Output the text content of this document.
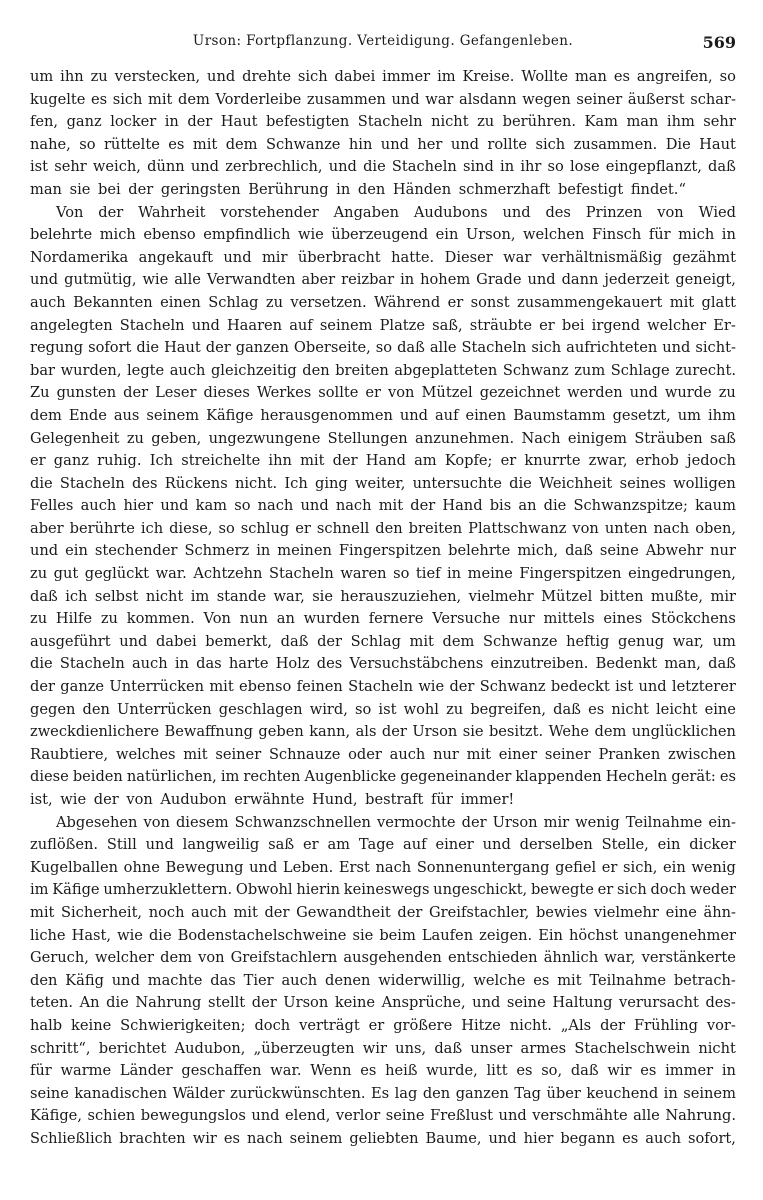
Urson: Fortpflanzung. Verteidigung. Gefangenleben.	569
um ihn zu verstecken, und drehte sich dabei immer im Kreise. Wollte man es angreifen, so
kugelte es sich mit dem Vorderleibe zusammen und war alsdann wegen seiner äußerst schar-
fen, ganz locker in der Haut befestigten Stacheln nicht zu berühren. Kam man ihm sehr
nahe, so rüttelte es mit dem Schwanze hin und her und rollte sich zusammen. Die Haut
ist sehr weich, dünn und zerbrechlich, und die Stacheln sind in ihr so lose eingepflanzt, daß
man sie bei der geringsten Berührung in den Händen schmerzhaft befestigt findet.“
Von der Wahrheit vorstehender Angaben Audubons und des Prinzen von Wied
belehrte mich ebenso empfindlich wie überzeugend ein Urson, welchen Finsch für mich in
Nordamerika angekauft und mir überbracht hatte. Dieser war verhältnismäßig gezähmt
und gutmütig, wie alle Verwandten aber reizbar in hohem Grade und dann jederzeit geneigt,
auch Bekannten einen Schlag zu versetzen. Während er sonst zusammengekauert mit glatt
angelegten Stacheln und Haaren auf seinem Platze saß, sträubte er bei irgend welcher Er-
regung sofort die Haut der ganzen Oberseite, so daß alle Stacheln sich aufrichteten und sicht-
bar wurden, legte auch gleichzeitig den breiten abgeplatteten Schwanz zum Schlage zurecht.
Zu gunsten der Leser dieses Werkes sollte er von Mützel gezeichnet werden und wurde zu
dem Ende aus seinem Käfige herausgenommen und auf einen Baumstamm gesetzt, um ihm
Gelegenheit zu geben, ungezwungene Stellungen anzunehmen. Nach einigem Sträuben saß
er ganz ruhig. Ich streichelte ihn mit der Hand am Kopfe; er knurrte zwar, erhob jedoch
die Stacheln des Rückens nicht. Ich ging weiter, untersuchte die Weichheit seines wolligen
Felles auch hier und kam so nach und nach mit der Hand bis an die Schwanzspitze; kaum
aber berührte ich diese, so schlug er schnell den breiten Plattschwanz von unten nach oben,
und ein stechender Schmerz in meinen Fingerspitzen belehrte mich, daß seine Abwehr nur
zu gut geglückt war. Achtzehn Stacheln waren so tief in meine Fingerspitzen eingedrungen,
daß ich selbst nicht im stande war, sie herauszuziehen, vielmehr Mützel bitten mußte, mir
zu Hilfe zu kommen. Von nun an wurden fernere Versuche nur mittels eines Stöckchens
ausgeführt und dabei bemerkt, daß der Schlag mit dem Schwanze heftig genug war, um
die Stacheln auch in das harte Holz des Versuchstäbchens einzutreiben. Bedenkt man, daß
der ganze Unterrücken mit ebenso feinen Stacheln wie der Schwanz bedeckt ist und letzterer
gegen den Unterrücken geschlagen wird, so ist wohl zu begreifen, daß es nicht leicht eine
zweckdienlichere Bewaffnung geben kann, als der Urson sie besitzt. Wehe dem unglücklichen
Raubtiere, welches mit seiner Schnauze oder auch nur mit einer seiner Pranken zwischen
diese beiden natürlichen, im rechten Augenblicke gegeneinander klappenden Hecheln gerät: es
ist, wie der von Audubon erwähnte Hund, bestraft für immer!
Abgesehen von diesem Schwanzschnellen vermochte der Urson mir wenig Teilnahme ein-
zuflößen. Still und langweilig saß er am Tage auf einer und derselben Stelle, ein dicker
Kugelballen ohne Bewegung und Leben. Erst nach Sonnenuntergang gefiel er sich, ein wenig
im Käfige umherzuklettern. Obwohl hierin keineswegs ungeschickt, bewegte er sich doch weder
mit Sicherheit, noch auch mit der Gewandtheit der Greifstachler, bewies vielmehr eine ähn-
liche Hast, wie die Bodenstachelschweine sie beim Laufen zeigen. Ein höchst unangenehmer
Geruch, welcher dem von Greifstachlern ausgehenden entschieden ähnlich war, verstänkerte
den Käfig und machte das Tier auch denen widerwillig, welche es mit Teilnahme betrach-
teten. An die Nahrung stellt der Urson keine Ansprüche, und seine Haltung verursacht des-
halb keine Schwierigkeiten; doch verträgt er größere Hitze nicht. „Als der Frühling vor-
schritt“, berichtet Audubon, „überzeugten wir uns, daß unser armes Stachelschwein nicht
für warme Länder geschaffen war. Wenn es heiß wurde, litt es so, daß wir es immer in
seine kanadischen Wälder zurückwünschten. Es lag den ganzen Tag über keuchend in seinem
Käfige, schien bewegungslos und elend, verlor seine Freßlust und verschmähte alle Nahrung.
Schließlich brachten wir es nach seinem geliebten Baume, und hier begann es auch sofort,
